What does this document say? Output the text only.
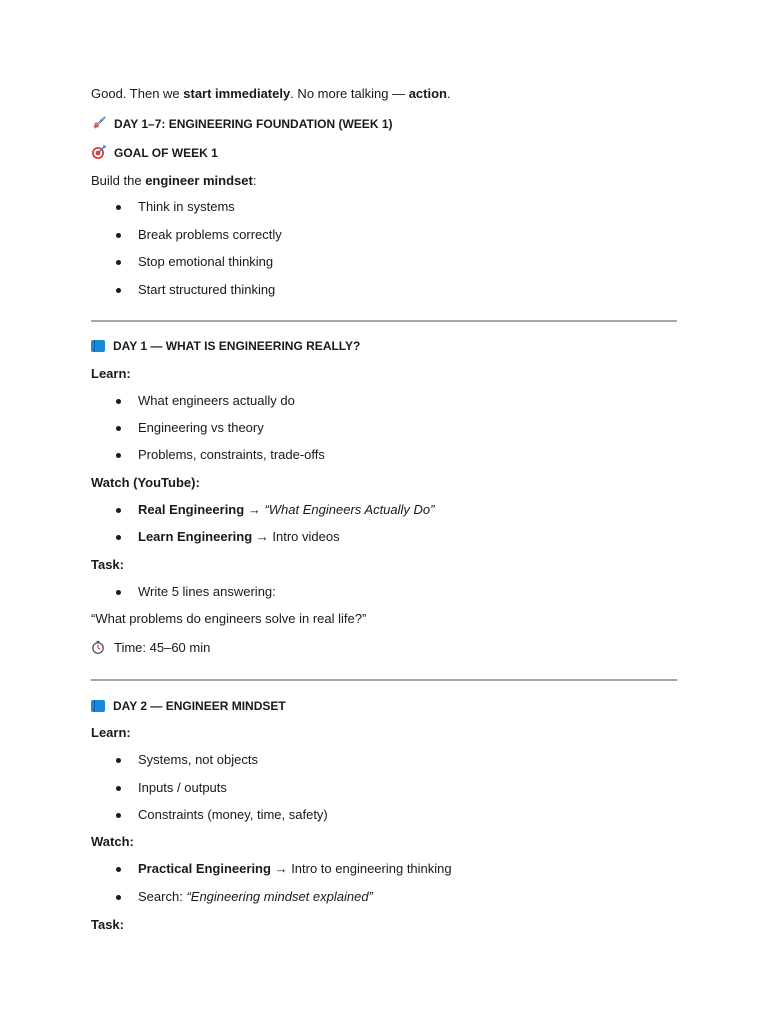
Good. Then we start immediately. No more talking — action.
DAY 1–7: ENGINEERING FOUNDATION (WEEK 1)
GOAL OF WEEK 1
Build the engineer mindset:
Think in systems
Break problems correctly
Stop emotional thinking
Start structured thinking
DAY 1 — WHAT IS ENGINEERING REALLY?
Learn:
What engineers actually do
Engineering vs theory
Problems, constraints, trade-offs
Watch (YouTube):
Real Engineering → “What Engineers Actually Do”
Learn Engineering → Intro videos
Task:
Write 5 lines answering:
“What problems do engineers solve in real life?”
Time: 45–60 min
DAY 2 — ENGINEER MINDSET
Learn:
Systems, not objects
Inputs / outputs
Constraints (money, time, safety)
Watch:
Practical Engineering → Intro to engineering thinking
Search: “Engineering mindset explained”
Task:
